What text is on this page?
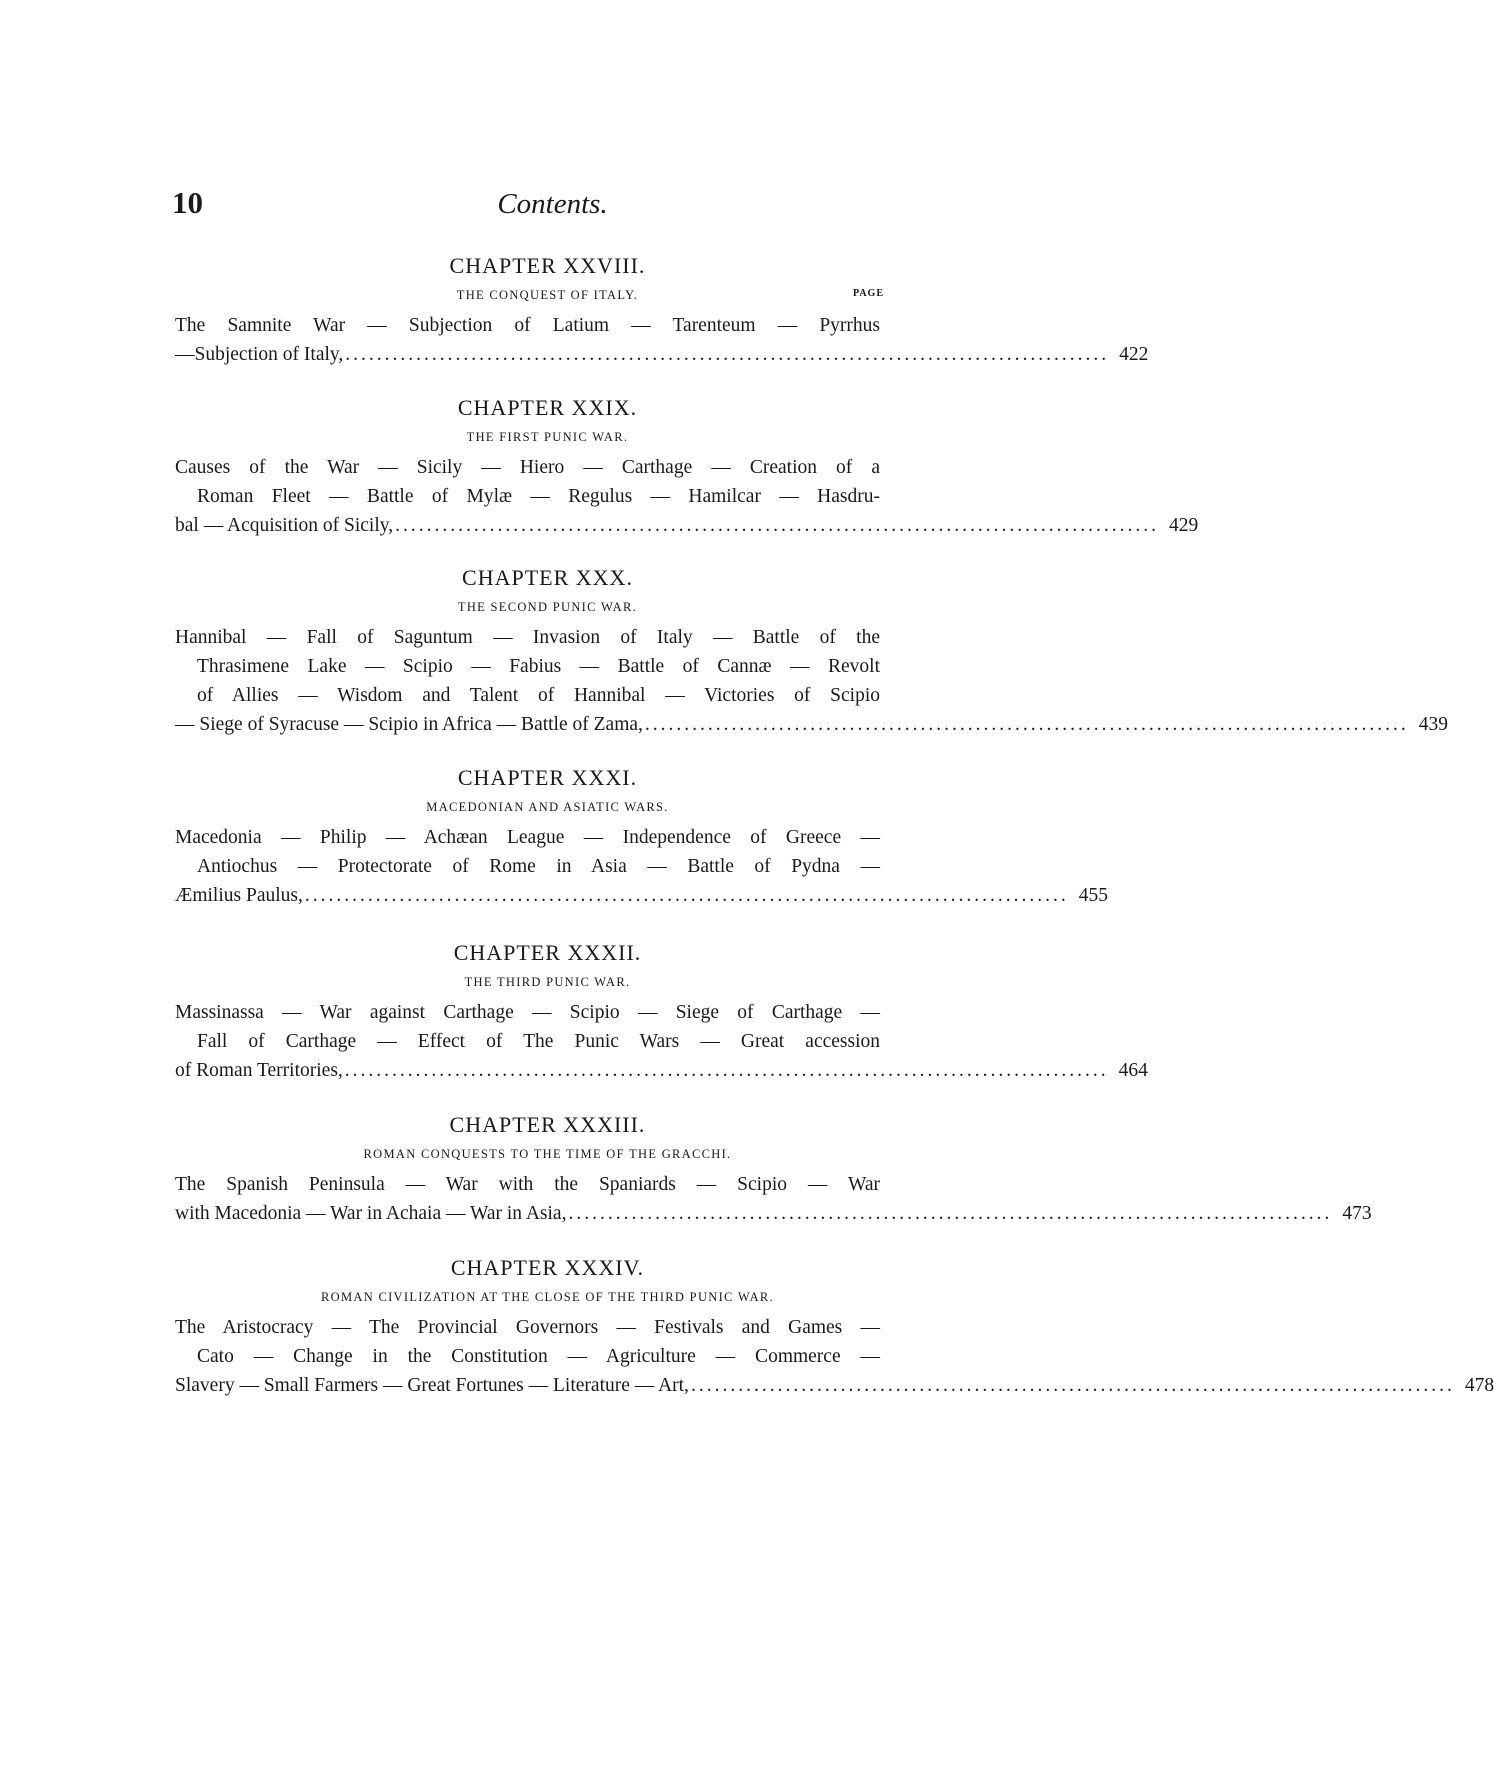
10	Contents.
CHAPTER XXVIII.
THE CONQUEST OF ITALY.	PAGE
The Samnite War — Subjection of Latium — Tarenteum — Pyrrhus
—Subjection of Italy, ................................................................................................. 422
CHAPTER XXIX.
THE FIRST PUNIC WAR.
Causes of the War — Sicily — Hiero — Carthage — Creation of a
Roman Fleet — Battle of Mylæ — Regulus — Hamilcar — Hasdru-
bal — Acquisition of Sicily, ................................................................................................. 429
CHAPTER XXX.
THE SECOND PUNIC WAR.
Hannibal — Fall of Saguntum — Invasion of Italy — Battle of the
Thrasimene Lake — Scipio — Fabius — Battle of Cannæ — Revolt
of Allies — Wisdom and Talent of Hannibal — Victories of Scipio
— Siege of Syracuse — Scipio in Africa — Battle of Zama, ................................................................................................. 439
CHAPTER XXXI.
MACEDONIAN AND ASIATIC WARS.
Macedonia — Philip — Achæan League — Independence of Greece —
Antiochus — Protectorate of Rome in Asia — Battle of Pydna —
Æmilius Paulus, ................................................................................................. 455
CHAPTER XXXII.
THE THIRD PUNIC WAR.
Massinassa — War against Carthage — Scipio — Siege of Carthage —
Fall of Carthage — Effect of The Punic Wars — Great accession
of Roman Territories, ................................................................................................. 464
CHAPTER XXXIII.
ROMAN CONQUESTS TO THE TIME OF THE GRACCHI.
The Spanish Peninsula — War with the Spaniards — Scipio — War
with Macedonia — War in Achaia — War in Asia, ................................................................................................. 473
CHAPTER XXXIV.
ROMAN CIVILIZATION AT THE CLOSE OF THE THIRD PUNIC WAR.
The Aristocracy — The Provincial Governors — Festivals and Games —
Cato — Change in the Constitution — Agriculture — Commerce —
Slavery — Small Farmers — Great Fortunes — Literature — Art, ................................................................................................. 478
